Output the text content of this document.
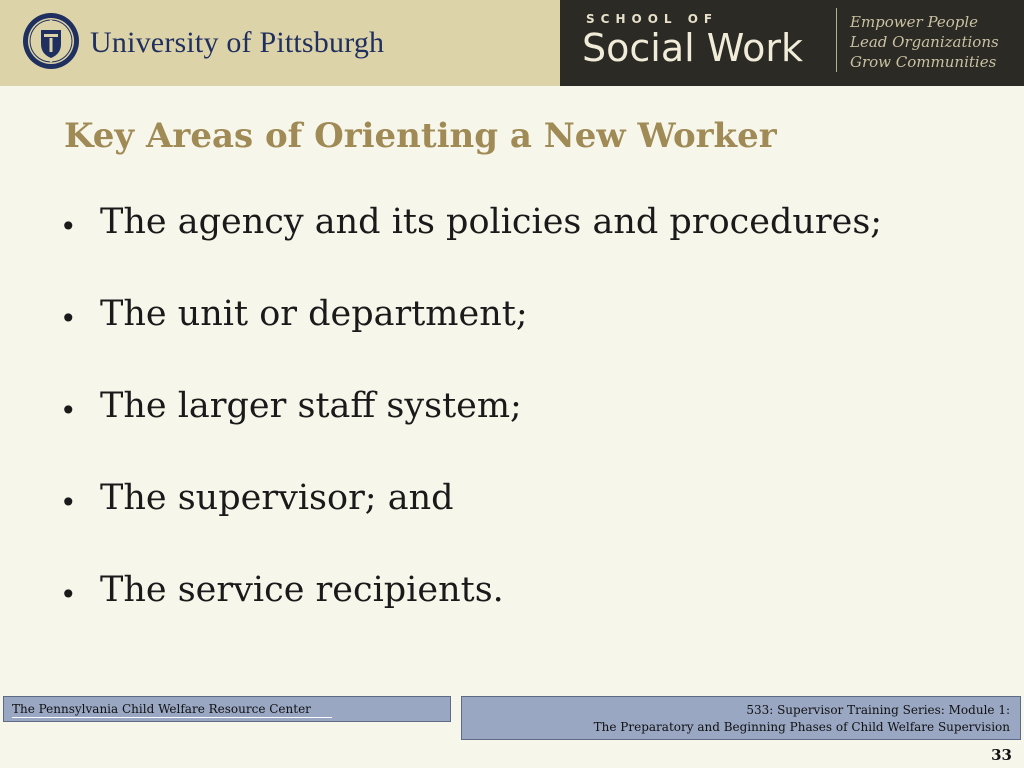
University of Pittsburgh
SCHOOL OF
Social Work
Empower People
Lead Organizations
Grow Communities
Key Areas of Orienting a New Worker
• The agency and its policies and procedures;
• The unit or department;
• The larger staff system;
• The supervisor; and
• The service recipients.
The Pennsylvania Child Welfare Resource Center	533: Supervisor Training Series: Module 1:
The Preparatory and Beginning Phases of Child Welfare Supervision
33
